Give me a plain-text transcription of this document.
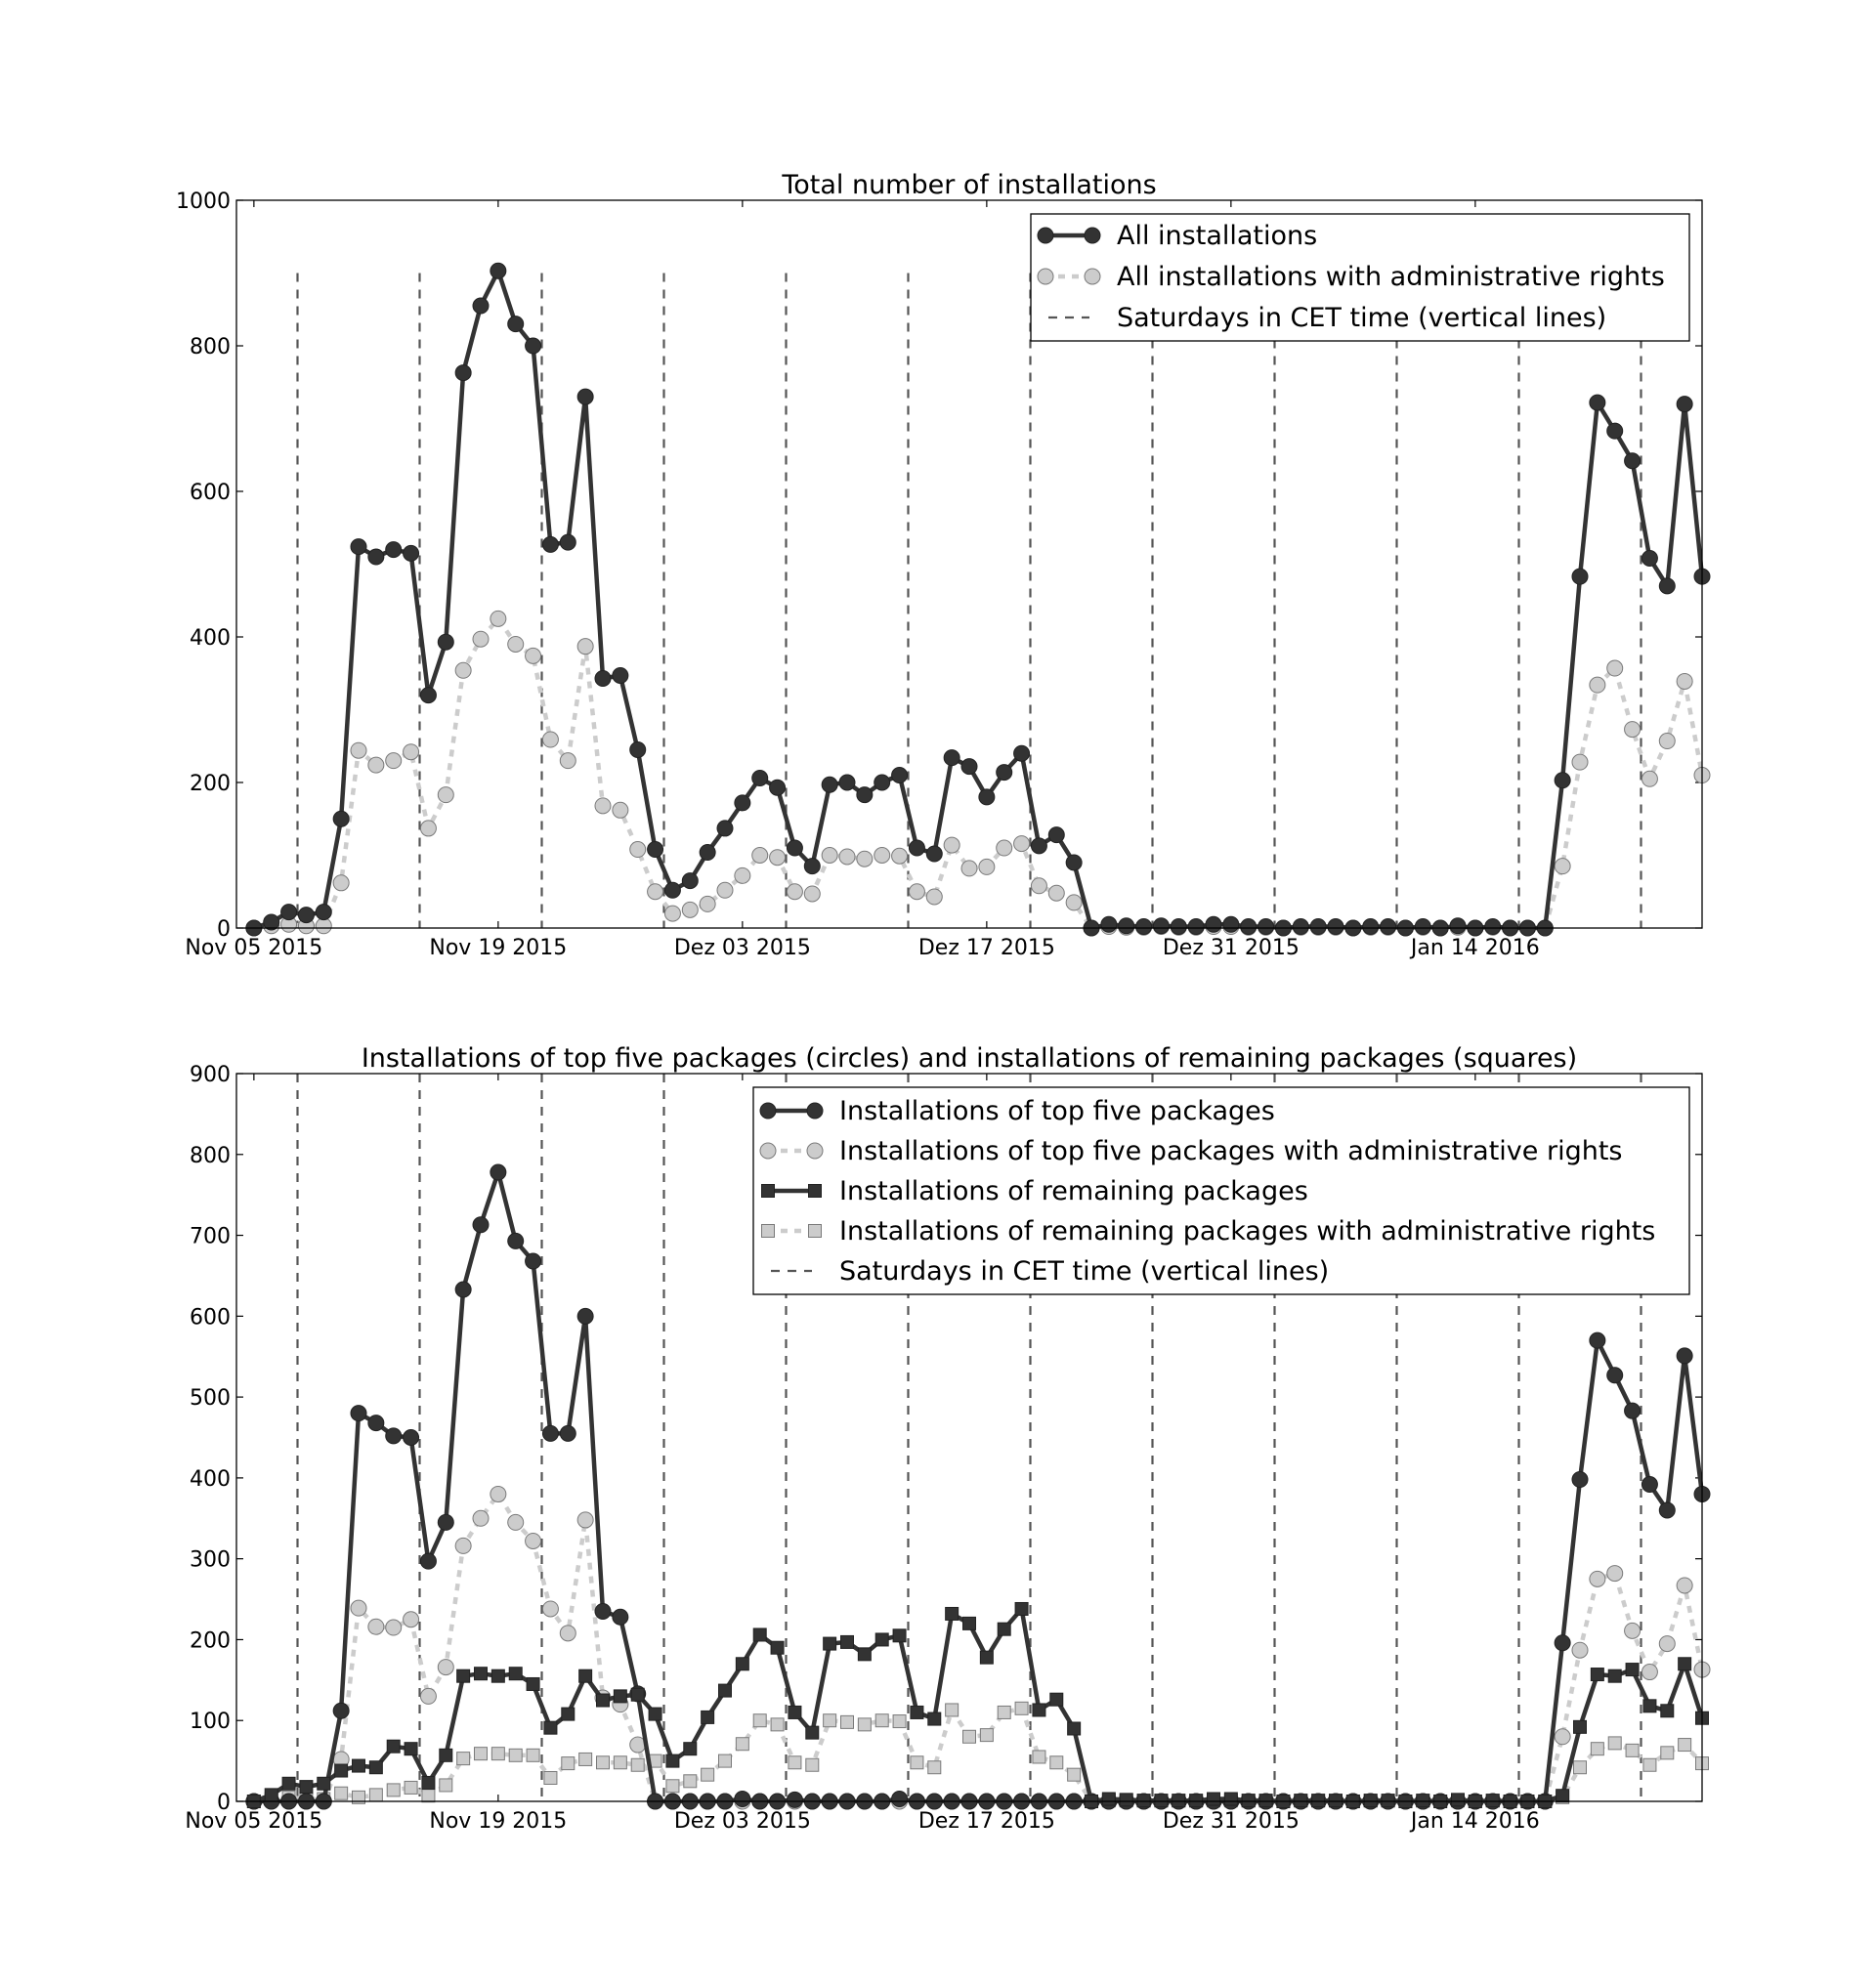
Total number of installations
0
200
400
600
800
1000
Nov 05 2015	Nov 19 2015	Dez 03 2015	Dez 17 2015	Dez 31 2015	Jan 14 2016
All installations
All installations with administrative rights
Saturdays in CET time (vertical lines)
Installations of top five packages (circles) and installations of remaining packages (squares)
0
100
200
300
400
500
600
700
800
900
Nov 05 2015	Nov 19 2015	Dez 03 2015	Dez 17 2015	Dez 31 2015	Jan 14 2016
Installations of top five packages
Installations of top five packages with administrative rights
Installations of remaining packages
Installations of remaining packages with administrative rights
Saturdays in CET time (vertical lines)
